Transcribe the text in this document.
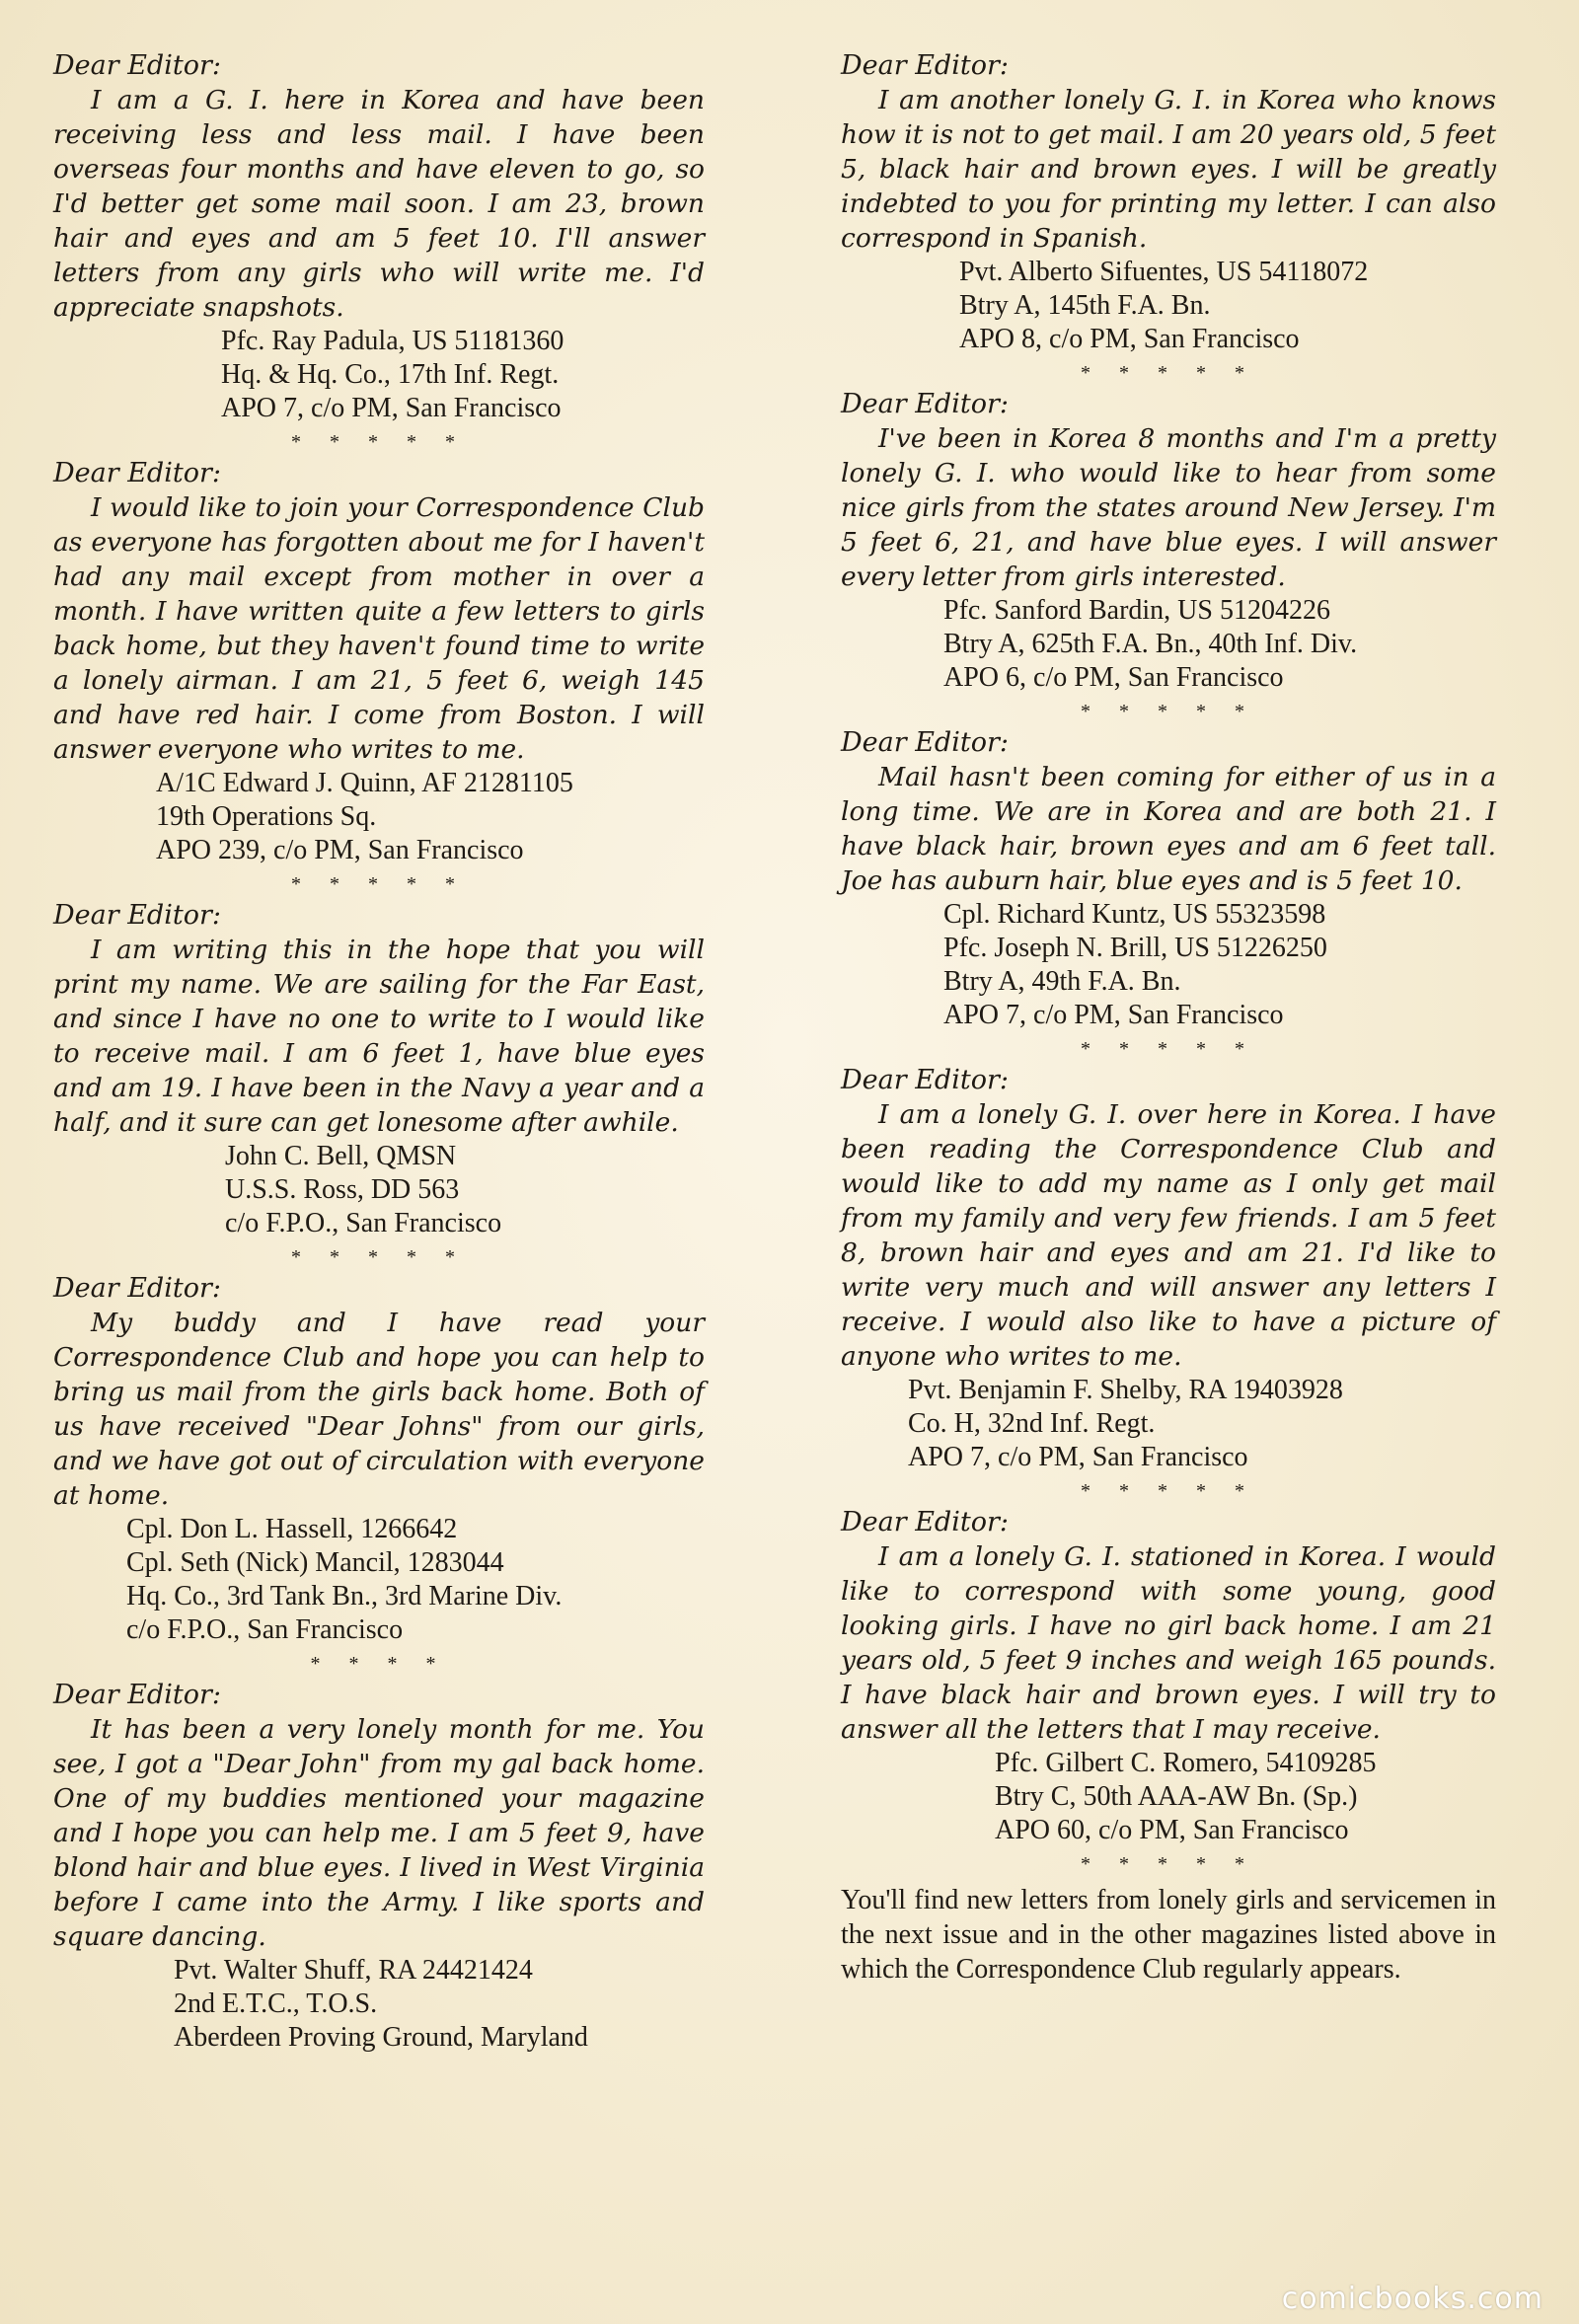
Dear Editor:

I am a G. I. here in Korea and have been receiving less and less mail. I have been overseas four months and have eleven to go, so I'd better get some mail soon. I am 23, brown hair and eyes and am 5 feet 10. I'll answer letters from any girls who will write me. I'd appreciate snapshots.

Pfc. Ray Padula, US 51181360
Hq. & Hq. Co., 17th Inf. Regt.
APO 7, c/o PM, San Francisco
* * * * *

Dear Editor:

I would like to join your Correspondence Club as everyone has forgotten about me for I haven't had any mail except from mother in over a month. I have written quite a few letters to girls back home, but they haven't found time to write a lonely airman. I am 21, 5 feet 6, weigh 145 and have red hair. I come from Boston. I will answer everyone who writes to me.

A/1C Edward J. Quinn, AF 21281105
19th Operations Sq.
APO 239, c/o PM, San Francisco
* * * * *

Dear Editor:

I am writing this in the hope that you will print my name. We are sailing for the Far East, and since I have no one to write to I would like to receive mail. I am 6 feet 1, have blue eyes and am 19. I have been in the Navy a year and a half, and it sure can get lonesome after awhile.

John C. Bell, QMSN
U.S.S. Ross, DD 563
c/o F.P.O., San Francisco
* * * * *

Dear Editor:

My buddy and I have read your Correspondence Club and hope you can help to bring us mail from the girls back home. Both of us have received "Dear Johns" from our girls, and we have got out of circulation with everyone at home.

Cpl. Don L. Hassell, 1266642
Cpl. Seth (Nick) Mancil, 1283044
Hq. Co., 3rd Tank Bn., 3rd Marine Div.
c/o F.P.O., San Francisco
* * * *

Dear Editor:

It has been a very lonely month for me. You see, I got a "Dear John" from my gal back home. One of my buddies mentioned your magazine and I hope you can help me. I am 5 feet 9, have blond hair and blue eyes. I lived in West Virginia before I came into the Army. I like sports and square dancing.

Pvt. Walter Shuff, RA 24421424
2nd E.T.C., T.O.S.
Aberdeen Proving Ground, Maryland

Dear Editor:

I am another lonely G. I. in Korea who knows how it is not to get mail. I am 20 years old, 5 feet 5, black hair and brown eyes. I will be greatly indebted to you for printing my letter. I can also correspond in Spanish.

Pvt. Alberto Sifuentes, US 54118072
Btry A, 145th F.A. Bn.
APO 8, c/o PM, San Francisco
* * * * *

Dear Editor:

I've been in Korea 8 months and I'm a pretty lonely G. I. who would like to hear from some nice girls from the states around New Jersey. I'm 5 feet 6, 21, and have blue eyes. I will answer every letter from girls interested.

Pfc. Sanford Bardin, US 51204226
Btry A, 625th F.A. Bn., 40th Inf. Div.
APO 6, c/o PM, San Francisco
* * * * *

Dear Editor:

Mail hasn't been coming for either of us in a long time. We are in Korea and are both 21. I have black hair, brown eyes and am 6 feet tall. Joe has auburn hair, blue eyes and is 5 feet 10.

Cpl. Richard Kuntz, US 55323598
Pfc. Joseph N. Brill, US 51226250
Btry A, 49th F.A. Bn.
APO 7, c/o PM, San Francisco
* * * * *

Dear Editor:

I am a lonely G. I. over here in Korea. I have been reading the Correspondence Club and would like to add my name as I only get mail from my family and very few friends. I am 5 feet 8, brown hair and eyes and am 21. I'd like to write very much and will answer any letters I receive. I would also like to have a picture of anyone who writes to me.

Pvt. Benjamin F. Shelby, RA 19403928
Co. H, 32nd Inf. Regt.
APO 7, c/o PM, San Francisco
* * * * *

Dear Editor:

I am a lonely G. I. stationed in Korea. I would like to correspond with some young, good looking girls. I have no girl back home. I am 21 years old, 5 feet 9 inches and weigh 165 pounds. I have black hair and brown eyes. I will try to answer all the letters that I may receive.

Pfc. Gilbert C. Romero, 54109285
Btry C, 50th AAA-AW Bn. (Sp.)
APO 60, c/o PM, San Francisco
* * * * *

You'll find new letters from lonely girls and servicemen in the next issue and in the other magazines listed above in which the Correspondence Club regularly appears.

comicbooks.com
